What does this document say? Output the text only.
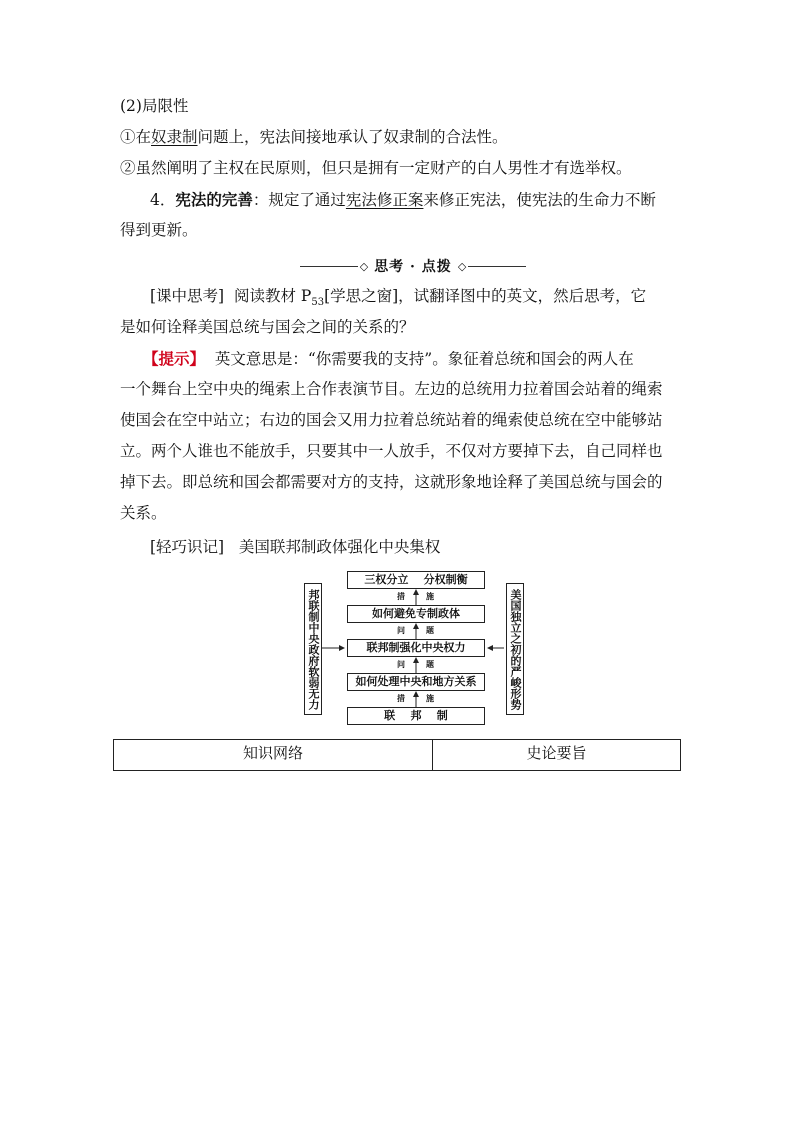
(2)局限性

①在奴隶制问题上，宪法间接地承认了奴隶制的合法性。

②虽然阐明了主权在民原则，但只是拥有一定财产的白人男性才有选举权。

4．宪法的完善：规定了通过宪法修正案来修正宪法，使宪法的生命力不断

得到更新。

◇ 思考 · 点拨 ◇

[课中思考] 阅读教材 $P_{53}$[学思之窗]，试翻译图中的英文，然后思考，它

是如何诠释美国总统与国会之间的关系的？

【提示】 英文意思是：“你需要我的支持”。象征着总统和国会的两人在

一个舞台上空中央的绳索上合作表演节目。左边的总统用力拉着国会站着的绳索

使国会在空中站立；右边的国会又用力拉着总统站着的绳索使总统在空中能够站

立。两个人谁也不能放手，只要其中一人放手，不仅对方要掉下去，自己同样也

掉下去。即总统和国会都需要对方的支持，这就形象地诠释了美国总统与国会的

关系。

[轻巧识记] 美国联邦制政体强化中央集权

邦联制中央政府软弱无力	美国独立之初的严峻形势
三权分立    分权制衡
如何避免专制政体
联邦制强化中央权力
如何处理中央和地方关系
联    邦    制
措	施
问	题
问	题
措	施
知识网络	史论要旨
